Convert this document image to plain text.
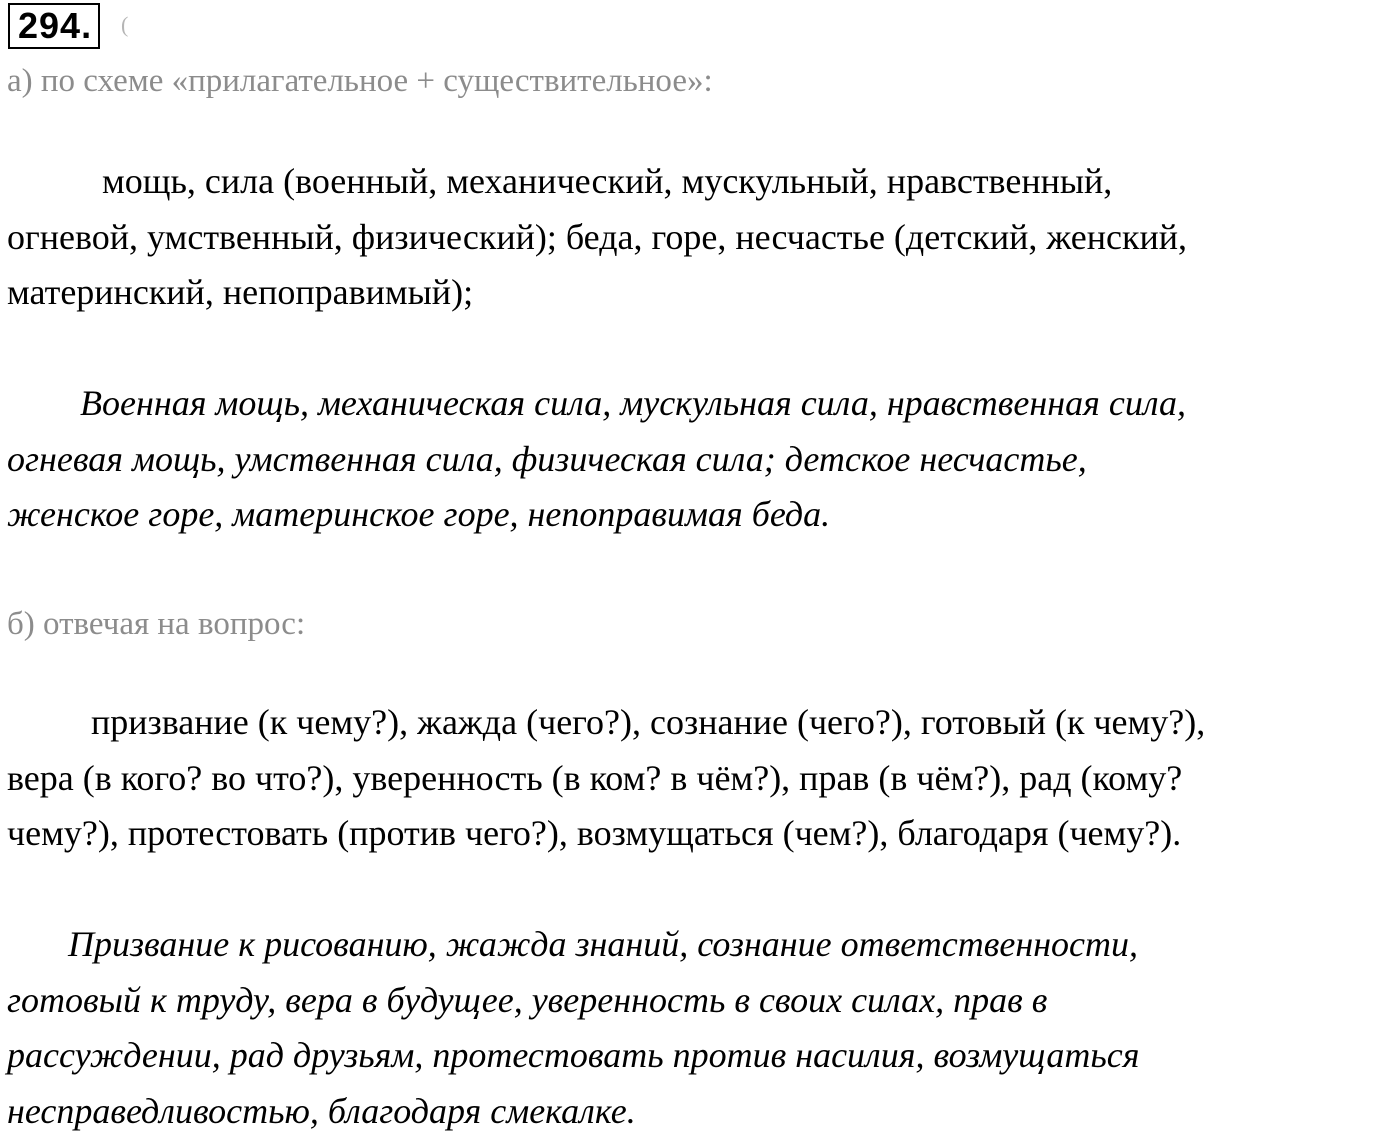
294.	(
а) по схеме «прилагательное + существительное»:
мощь, сила (военный, механический, мускульный, нравственный,
огневой, умственный, физический); беда, горе, несчастье (детский, женский,
материнский, непоправимый);
Военная мощь, механическая сила, мускульная сила, нравственная сила,
огневая мощь, умственная сила, физическая сила; детское несчастье,
женское горе, материнское горе, непоправимая беда.
б) отвечая на вопрос:
призвание (к чему?), жажда (чего?), сознание (чего?), готовый (к чему?),
вера (в кого? во что?), уверенность (в ком? в чём?), прав (в чём?), рад (кому?
чему?), протестовать (против чего?), возмущаться (чем?), благодаря (чему?).
Призвание к рисованию, жажда знаний, сознание ответственности,
готовый к труду, вера в будущее, уверенность в своих силах, прав в
рассуждении, рад друзьям, протестовать против насилия, возмущаться
несправедливостью, благодаря смекалке.
